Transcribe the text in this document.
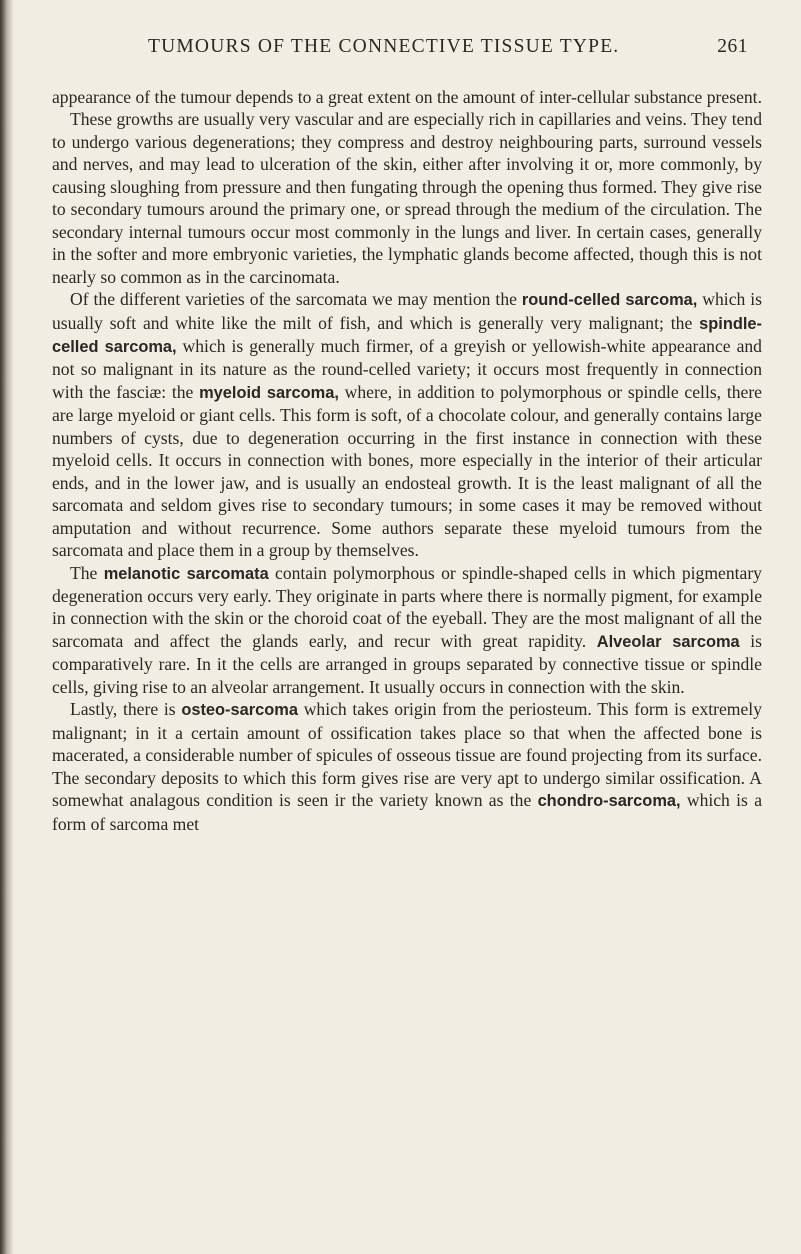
TUMOURS OF THE CONNECTIVE TISSUE TYPE.	261

appearance of the tumour depends to a great extent on the amount of inter-cellular substance present.

These growths are usually very vascular and are especially rich in capillaries and veins. They tend to undergo various degenerations; they compress and destroy neighbouring parts, surround vessels and nerves, and may lead to ulceration of the skin, either after involving it or, more commonly, by causing sloughing from pressure and then fungating through the opening thus formed. They give rise to secondary tumours around the primary one, or spread through the medium of the circulation. The secondary internal tumours occur most commonly in the lungs and liver. In certain cases, generally in the softer and more embryonic varieties, the lymphatic glands become affected, though this is not nearly so common as in the carcinomata.

Of the different varieties of the sarcomata we may mention the round-celled sarcoma, which is usually soft and white like the milt of fish, and which is generally very malignant; the spindle-celled sarcoma, which is generally much firmer, of a greyish or yellowish-white appearance and not so malignant in its nature as the round-celled variety; it occurs most frequently in connection with the fasciæ: the myeloid sarcoma, where, in addition to polymorphous or spindle cells, there are large myeloid or giant cells. This form is soft, of a chocolate colour, and generally contains large numbers of cysts, due to degeneration occurring in the first instance in connection with these myeloid cells. It occurs in connection with bones, more especially in the interior of their articular ends, and in the lower jaw, and is usually an endosteal growth. It is the least malignant of all the sarcomata and seldom gives rise to secondary tumours; in some cases it may be removed without amputation and without recurrence. Some authors separate these myeloid tumours from the sarcomata and place them in a group by themselves.

The melanotic sarcomata contain polymorphous or spindle-shaped cells in which pigmentary degeneration occurs very early. They originate in parts where there is normally pigment, for example in connection with the skin or the choroid coat of the eyeball. They are the most malignant of all the sarcomata and affect the glands early, and recur with great rapidity. Alveolar sarcoma is comparatively rare. In it the cells are arranged in groups separated by connective tissue or spindle cells, giving rise to an alveolar arrangement. It usually occurs in connection with the skin.

Lastly, there is osteo-sarcoma which takes origin from the periosteum. This form is extremely malignant; in it a certain amount of ossification takes place so that when the affected bone is macerated, a considerable number of spicules of osseous tissue are found projecting from its surface. The secondary deposits to which this form gives rise are very apt to undergo similar ossification. A somewhat analagous condition is seen ir the variety known as the chondro-sarcoma, which is a form of sarcoma met
